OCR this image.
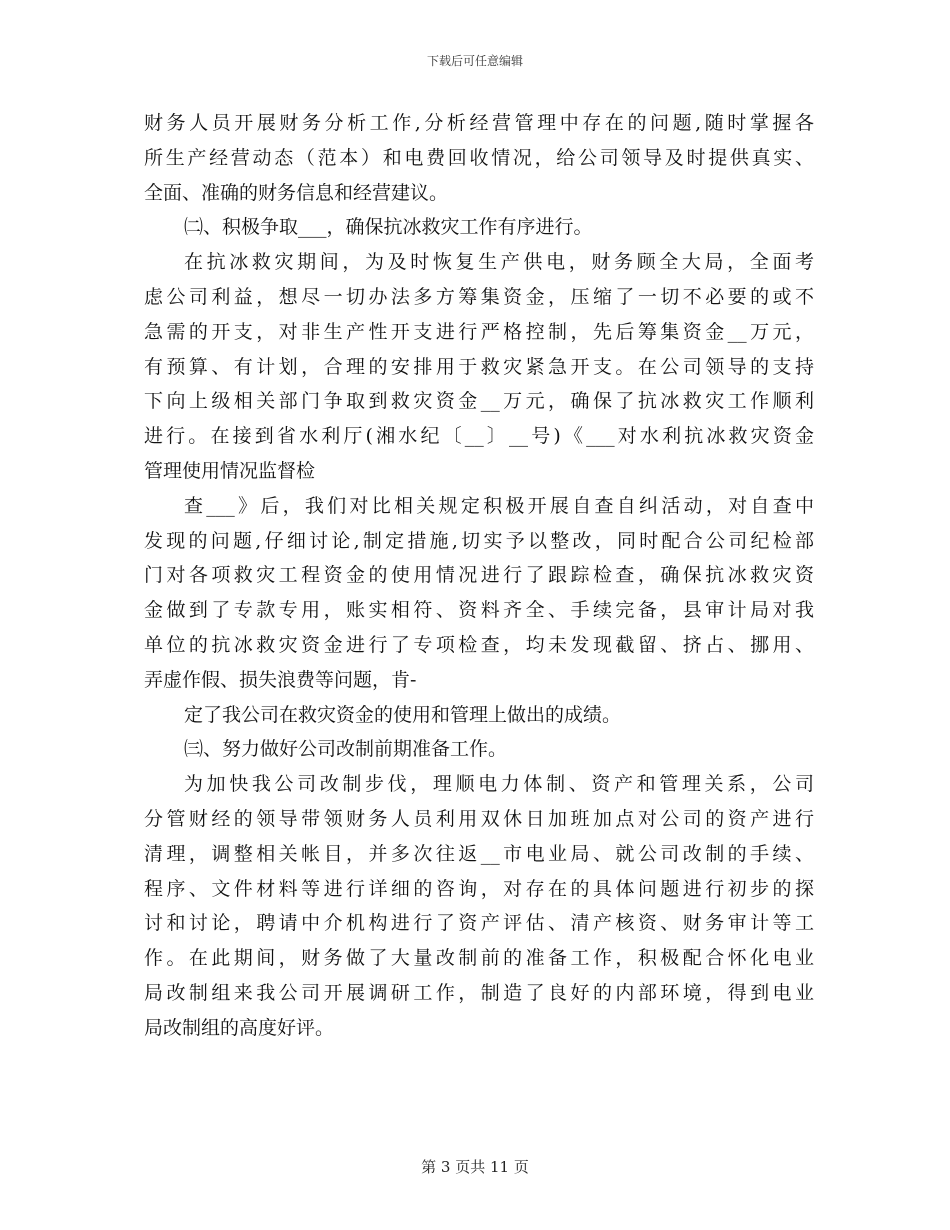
下载后可任意编辑
财务人员开展财务分析工作,分析经营管理中存在的问题,随时掌握各
所生产经营动态（范本）和电费回收情况，给公司领导及时提供真实、
全面、准确的财务信息和经营建议。
㈡、积极争取___，确保抗冰救灾工作有序进行。
在抗冰救灾期间，为及时恢复生产供电，财务顾全大局，全面考
虑公司利益，想尽一切办法多方筹集资金，压缩了一切不必要的或不
急需的开支，对非生产性开支进行严格控制，先后筹集资金__万元，
有预算、有计划，合理的安排用于救灾紧急开支。在公司领导的支持
下向上级相关部门争取到救灾资金__万元，确保了抗冰救灾工作顺利
进行。在接到省水利厅(湘水纪〔__〕__号)《___对水利抗冰救灾资金
管理使用情况监督检
查___》后，我们对比相关规定积极开展自查自纠活动，对自查中
发现的问题,仔细讨论,制定措施,切实予以整改，同时配合公司纪检部
门对各项救灾工程资金的使用情况进行了跟踪检查，确保抗冰救灾资
金做到了专款专用，账实相符、资料齐全、手续完备，县审计局对我
单位的抗冰救灾资金进行了专项检查，均未发现截留、挤占、挪用、
弄虚作假、损失浪费等问题，肯-
定了我公司在救灾资金的使用和管理上做出的成绩。
㈢、努力做好公司改制前期准备工作。
为加快我公司改制步伐，理顺电力体制、资产和管理关系，公司
分管财经的领导带领财务人员利用双休日加班加点对公司的资产进行
清理，调整相关帐目，并多次往返__市电业局、就公司改制的手续、
程序、文件材料等进行详细的咨询，对存在的具体问题进行初步的探
讨和讨论，聘请中介机构进行了资产评估、清产核资、财务审计等工
作。在此期间，财务做了大量改制前的准备工作，积极配合怀化电业
局改制组来我公司开展调研工作，制造了良好的内部环境，得到电业
局改制组的高度好评。
第 3 页共 11 页
